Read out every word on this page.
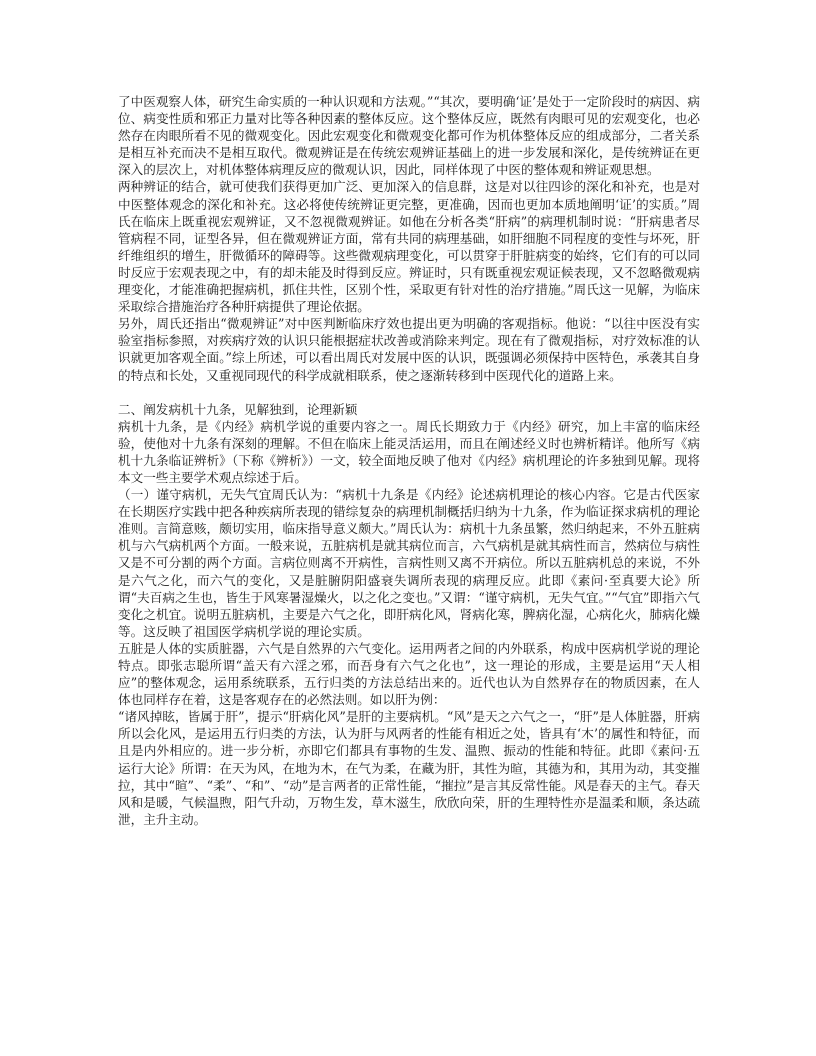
了中医观察人体，研究生命实质的一种认识观和方法观。”“其次，要明确‘证’是处于一定阶段时的病因、病位、病变性质和邪正力量对比等各种因素的整体反应。这个整体反应，既然有肉眼可见的宏观变化，也必然存在肉眼所看不见的微观变化。因此宏观变化和微观变化都可作为机体整体反应的组成部分，二者关系是相互补充而决不是相互取代。微观辨证是在传统宏观辨证基础上的进一步发展和深化，是传统辨证在更深入的层次上，对机体整体病理反应的微观认识，因此，同样体现了中医的整体观和辨证观思想。

两种辨证的结合，就可使我们获得更加广泛、更加深入的信息群，这是对以往四诊的深化和补充，也是对中医整体观念的深化和补充。这必将使传统辨证更完整，更准确，因而也更加本质地阐明‘证’的实质。”周氏在临床上既重视宏观辨证，又不忽视微观辨证。如他在分析各类“肝病”的病理机制时说：“肝病患者尽管病程不同，证型各异，但在微观辨证方面，常有共同的病理基础，如肝细胞不同程度的变性与坏死，肝纤维组织的增生，肝微循环的障碍等。这些微观病理变化，可以贯穿于肝脏病变的始终，它们有的可以同时反应于宏观表现之中，有的却未能及时得到反应。辨证时，只有既重视宏观证候表现，又不忽略微观病理变化，才能准确把握病机，抓住共性，区别个性，采取更有针对性的治疗措施。”周氏这一见解，为临床采取综合措施治疗各种肝病提供了理论依据。

另外，周氏还指出“微观辨证”对中医判断临床疗效也提出更为明确的客观指标。他说：“以往中医没有实验室指标参照，对疾病疗效的认识只能根据症状改善或消除来判定。现在有了微观指标，对疗效标准的认识就更加客观全面。”综上所述，可以看出周氏对发展中医的认识，既强调必须保持中医特色，承袭其自身的特点和长处，又重视同现代的科学成就相联系，使之逐渐转移到中医现代化的道路上来。

二、阐发病机十九条，见解独到，论理新颖

病机十九条，是《内经》病机学说的重要内容之一。周氏长期致力于《内经》研究，加上丰富的临床经验，使他对十九条有深刻的理解。不但在临床上能灵活运用，而且在阐述经义时也辨析精详。他所写《病机十九条临证辨析》（下称《辨析》）一文，较全面地反映了他对《内经》病机理论的许多独到见解。现将本文一些主要学术观点综述于后。

（一）谨守病机，无失气宜周氏认为：“病机十九条是《内经》论述病机理论的核心内容。它是古代医家在长期医疗实践中把各种疾病所表现的错综复杂的病理机制概括归纳为十九条，作为临证探求病机的理论准则。言简意赅，颇切实用，临床指导意义颇大。”周氏认为：病机十九条虽繁，然归纳起来，不外五脏病机与六气病机两个方面。一般来说，五脏病机是就其病位而言，六气病机是就其病性而言，然病位与病性又是不可分割的两个方面。言病位则离不开病性，言病性则又离不开病位。所以五脏病机总的来说，不外是六气之化，而六气的变化，又是脏腑阴阳盛衰失调所表现的病理反应。此即《素问·至真要大论》所谓“夫百病之生也，皆生于风寒暑湿燥火，以之化之变也。”又谓：“谨守病机，无失气宜。”“气宜”即指六气变化之机宜。说明五脏病机，主要是六气之化，即肝病化风，肾病化寒，脾病化湿，心病化火，肺病化燥等。这反映了祖国医学病机学说的理论实质。

五脏是人体的实质脏器，六气是自然界的六气变化。运用两者之间的内外联系，构成中医病机学说的理论特点。即张志聪所谓“盖天有六淫之邪，而吾身有六气之化也”，这一理论的形成，主要是运用“天人相应”的整体观念，运用系统联系，五行归类的方法总结出来的。近代也认为自然界存在的物质因素，在人体也同样存在着，这是客观存在的必然法则。如以肝为例：

“诸风掉眩，皆属于肝”，提示“肝病化风”是肝的主要病机。“风”是天之六气之一，“肝”是人体脏器，肝病所以会化风，是运用五行归类的方法，认为肝与风两者的性能有相近之处，皆具有‘木’的属性和特征，而且是内外相应的。进一步分析，亦即它们都具有事物的生发、温煦、振动的性能和特征。此即《素问·五运行大论》所谓：在天为风，在地为木，在气为柔，在藏为肝，其性为暄，其德为和，其用为动，其变摧拉，其中“暄”、“柔”、“和”、“动”是言两者的正常性能，“摧拉”是言其反常性能。风是春天的主气。春天风和是暖，气候温煦，阳气升动，万物生发，草木滋生，欣欣向荣，肝的生理特性亦是温柔和顺，条达疏泄，主升主动。
